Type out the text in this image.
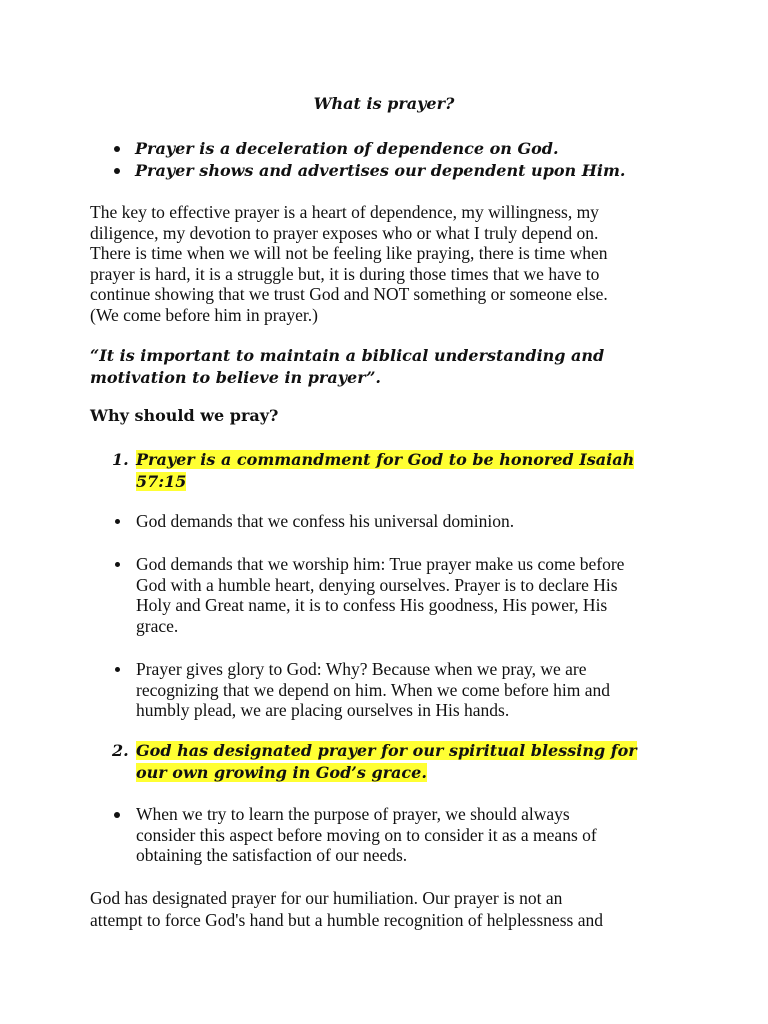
What is prayer?
Prayer is a deceleration of dependence on God.
Prayer shows and advertises our dependent upon Him.
The key to effective prayer is a heart of dependence, my willingness, my
diligence, my devotion to prayer exposes who or what I truly depend on.
There is time when we will not be feeling like praying, there is time when
prayer is hard, it is a struggle but, it is during those times that we have to
continue showing that we trust God and NOT something or someone else.
(We come before him in prayer.)
“It is important to maintain a biblical understanding and
motivation to believe in prayer”.
Why should we pray?
1. Prayer is a commandment for God to be honored Isaiah
57:15
God demands that we confess his universal dominion.
God demands that we worship him: True prayer make us come before
God with a humble heart, denying ourselves. Prayer is to declare His
Holy and Great name, it is to confess His goodness, His power, His
grace.
Prayer gives glory to God: Why? Because when we pray, we are
recognizing that we depend on him. When we come before him and
humbly plead, we are placing ourselves in His hands.
2. God has designated prayer for our spiritual blessing for
our own growing in God’s grace.
When we try to learn the purpose of prayer, we should always
consider this aspect before moving on to consider it as a means of
obtaining the satisfaction of our needs.
God has designated prayer for our humiliation. Our prayer is not an
attempt to force God's hand but a humble recognition of helplessness and
